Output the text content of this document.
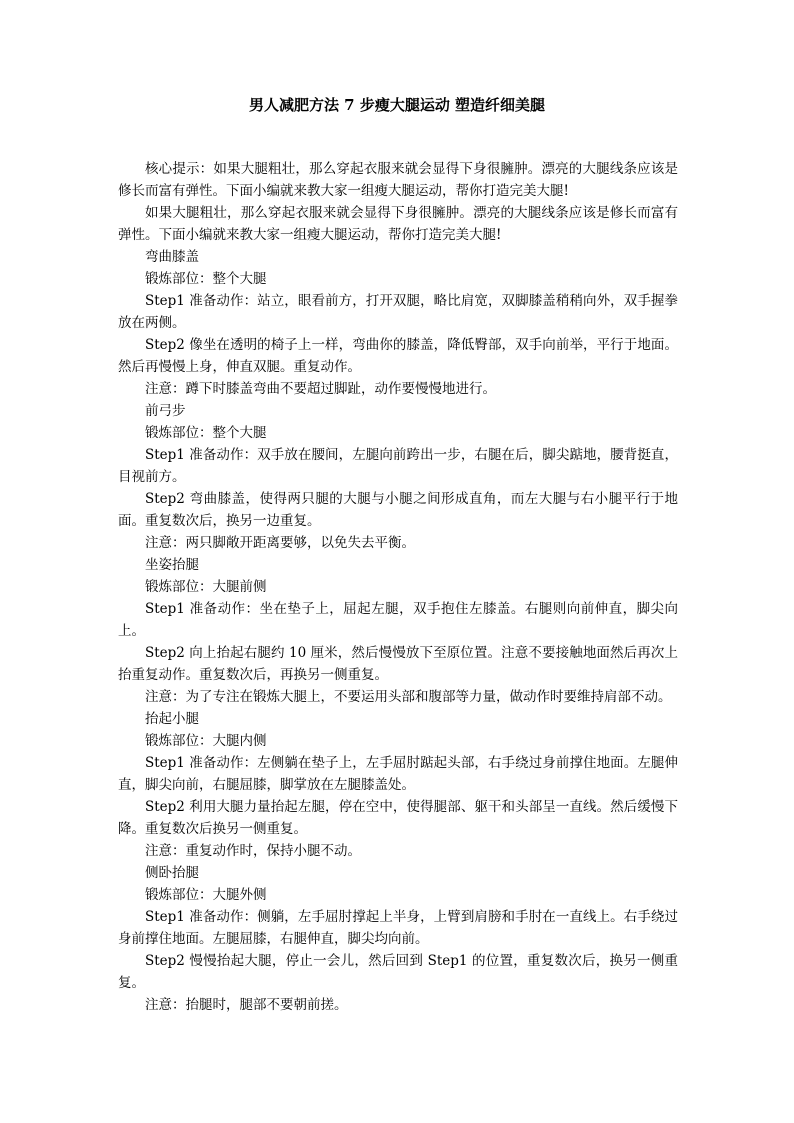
男人减肥方法 7 步瘦大腿运动 塑造纤细美腿

核心提示：如果大腿粗壮，那么穿起衣服来就会显得下身很臃肿。漂亮的大腿线条应该是修长而富有弹性。下面小编就来教大家一组瘦大腿运动，帮你打造完美大腿!

如果大腿粗壮，那么穿起衣服来就会显得下身很臃肿。漂亮的大腿线条应该是修长而富有弹性。下面小编就来教大家一组瘦大腿运动，帮你打造完美大腿!

弯曲膝盖

锻炼部位：整个大腿

Step1 准备动作：站立，眼看前方，打开双腿，略比肩宽，双脚膝盖稍稍向外，双手握拳放在两侧。

Step2 像坐在透明的椅子上一样，弯曲你的膝盖，降低臀部，双手向前举，平行于地面。然后再慢慢上身，伸直双腿。重复动作。

注意：蹲下时膝盖弯曲不要超过脚趾，动作要慢慢地进行。

前弓步

锻炼部位：整个大腿

Step1 准备动作：双手放在腰间，左腿向前跨出一步，右腿在后，脚尖踮地，腰背挺直，目视前方。

Step2 弯曲膝盖，使得两只腿的大腿与小腿之间形成直角，而左大腿与右小腿平行于地面。重复数次后，换另一边重复。

注意：两只脚敞开距离要够，以免失去平衡。

坐姿抬腿

锻炼部位：大腿前侧

Step1 准备动作：坐在垫子上，屈起左腿，双手抱住左膝盖。右腿则向前伸直，脚尖向上。

Step2 向上抬起右腿约 10 厘米，然后慢慢放下至原位置。注意不要接触地面然后再次上抬重复动作。重复数次后，再换另一侧重复。

注意：为了专注在锻炼大腿上，不要运用头部和腹部等力量，做动作时要维持肩部不动。

抬起小腿

锻炼部位：大腿内侧

Step1 准备动作：左侧躺在垫子上，左手屈肘踮起头部，右手绕过身前撑住地面。左腿伸直，脚尖向前，右腿屈膝，脚掌放在左腿膝盖处。

Step2 利用大腿力量抬起左腿，停在空中，使得腿部、躯干和头部呈一直线。然后缓慢下降。重复数次后换另一侧重复。

注意：重复动作时，保持小腿不动。

侧卧抬腿

锻炼部位：大腿外侧

Step1 准备动作：侧躺，左手屈肘撑起上半身，上臂到肩膀和手肘在一直线上。右手绕过身前撑住地面。左腿屈膝，右腿伸直，脚尖均向前。

Step2 慢慢抬起大腿，停止一会儿，然后回到 Step1 的位置，重复数次后，换另一侧重复。

注意：抬腿时，腿部不要朝前搓。
